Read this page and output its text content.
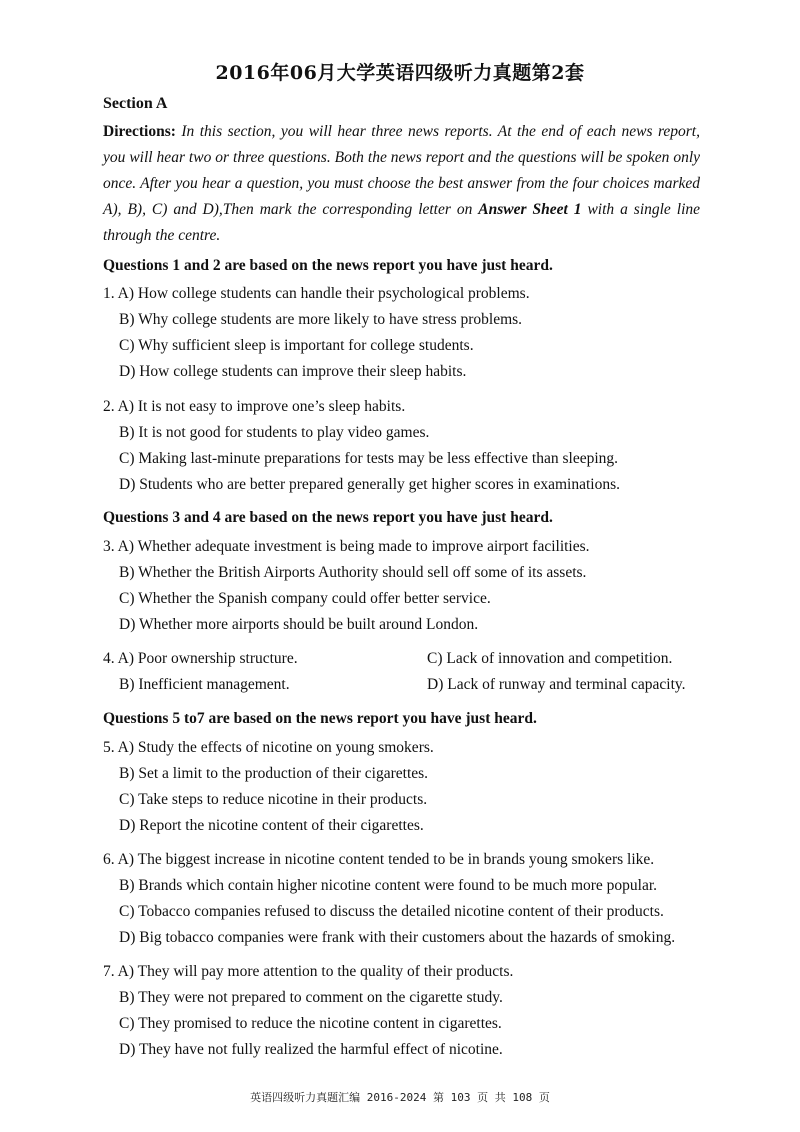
2016年06月大学英语四级听力真题第2套
Section A
Directions: In this section, you will hear three news reports. At the end of each news report, you will hear two or three questions. Both the news report and the questions will be spoken only once. After you hear a question, you must choose the best answer from the four choices marked A), B), C) and D),Then mark the corresponding letter on Answer Sheet 1 with a single line through the centre.
Questions 1 and 2 are based on the news report you have just heard.
1. A) How college students can handle their psychological problems.
B) Why college students are more likely to have stress problems.
C) Why sufficient sleep is important for college students.
D) How college students can improve their sleep habits.
2. A) It is not easy to improve one’s sleep habits.
B) It is not good for students to play video games.
C) Making last-minute preparations for tests may be less effective than sleeping.
D) Students who are better prepared generally get higher scores in examinations.
Questions 3 and 4 are based on the news report you have just heard.
3. A) Whether adequate investment is being made to improve airport facilities.
B) Whether the British Airports Authority should sell off some of its assets.
C) Whether the Spanish company could offer better service.
D) Whether more airports should be built around London.
4. A) Poor ownership structure.	C) Lack of innovation and competition.
B) Inefficient management.	D) Lack of runway and terminal capacity.
Questions 5 to7 are based on the news report you have just heard.
5. A) Study the effects of nicotine on young smokers.
B) Set a limit to the production of their cigarettes.
C) Take steps to reduce nicotine in their products.
D) Report the nicotine content of their cigarettes.
6. A) The biggest increase in nicotine content tended to be in brands young smokers like.
B) Brands which contain higher nicotine content were found to be much more popular.
C) Tobacco companies refused to discuss the detailed nicotine content of their products.
D) Big tobacco companies were frank with their customers about the hazards of smoking.
7. A) They will pay more attention to the quality of their products.
B) They were not prepared to comment on the cigarette study.
C) They promised to reduce the nicotine content in cigarettes.
D) They have not fully realized the harmful effect of nicotine.
英语四级听力真题汇编 2016-2024 第 103 页 共 108 页
